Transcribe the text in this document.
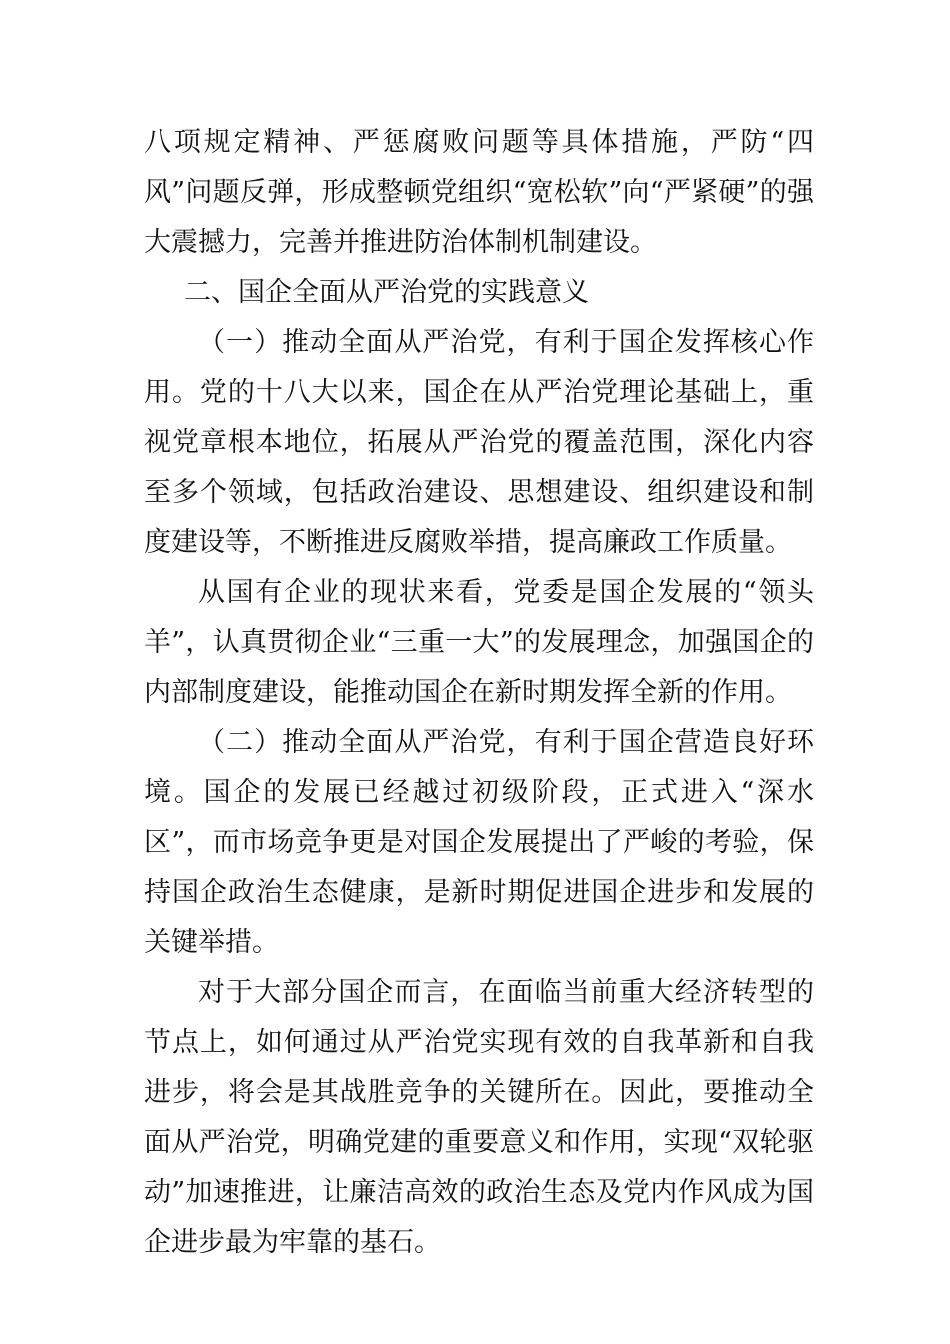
八项规定精神、严惩腐败问题等具体措施，严防“四风”问题反弹，形成整顿党组织“宽松软”向“严紧硬”的强大震撼力，完善并推进防治体制机制建设。

二、国企全面从严治党的实践意义

（一）推动全面从严治党，有利于国企发挥核心作用。党的十八大以来，国企在从严治党理论基础上，重视党章根本地位，拓展从严治党的覆盖范围，深化内容至多个领域，包括政治建设、思想建设、组织建设和制度建设等，不断推进反腐败举措，提高廉政工作质量。

从国有企业的现状来看，党委是国企发展的“领头羊”，认真贯彻企业“三重一大”的发展理念，加强国企的内部制度建设，能推动国企在新时期发挥全新的作用。

（二）推动全面从严治党，有利于国企营造良好环境。国企的发展已经越过初级阶段，正式进入“深水区”，而市场竞争更是对国企发展提出了严峻的考验，保持国企政治生态健康，是新时期促进国企进步和发展的关键举措。

对于大部分国企而言，在面临当前重大经济转型的节点上，如何通过从严治党实现有效的自我革新和自我进步，将会是其战胜竞争的关键所在。因此，要推动全面从严治党，明确党建的重要意义和作用，实现“双轮驱动”加速推进，让廉洁高效的政治生态及党内作风成为国企进步最为牢靠的基石。
